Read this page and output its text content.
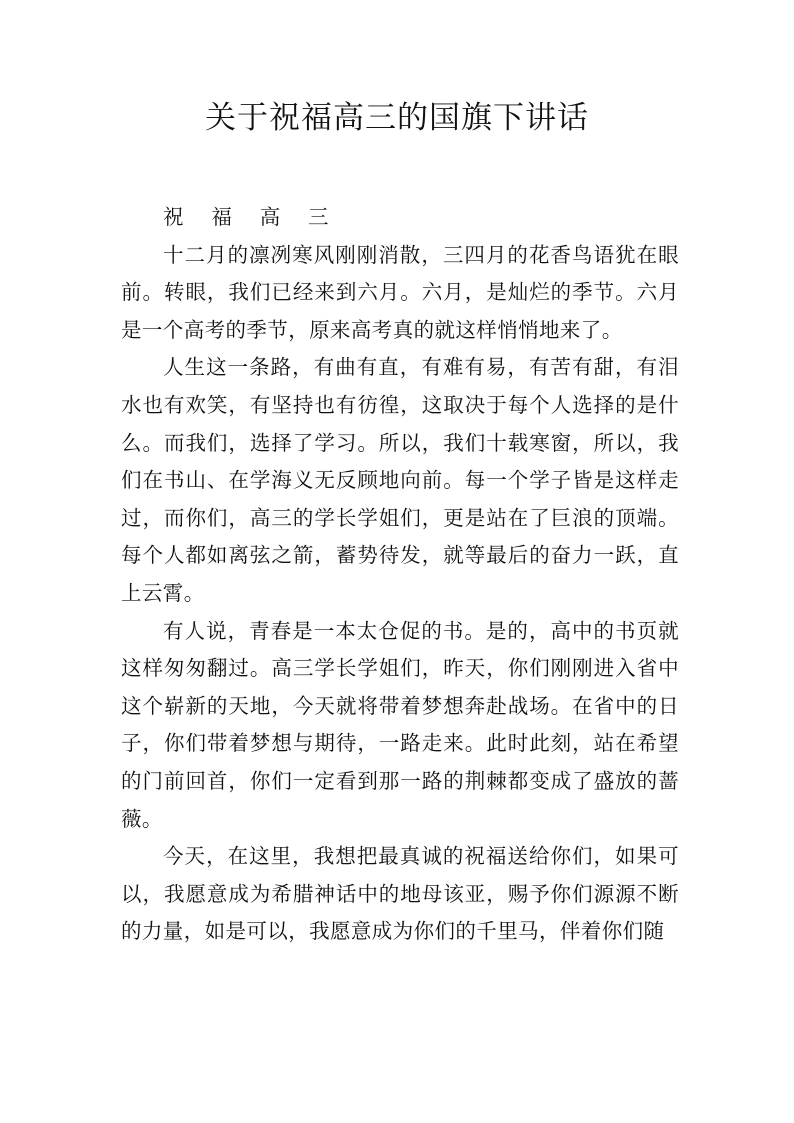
关于祝福高三的国旗下讲话

祝 福 高 三

十二月的凛冽寒风刚刚消散，三四月的花香鸟语犹在眼前。转眼，我们已经来到六月。六月，是灿烂的季节。六月是一个高考的季节，原来高考真的就这样悄悄地来了。

人生这一条路，有曲有直，有难有易，有苦有甜，有泪水也有欢笑，有坚持也有彷徨，这取决于每个人选择的是什么。而我们，选择了学习。所以，我们十载寒窗，所以，我们在书山、在学海义无反顾地向前。每一个学子皆是这样走过，而你们，高三的学长学姐们，更是站在了巨浪的顶端。每个人都如离弦之箭，蓄势待发，就等最后的奋力一跃，直上云霄。

有人说，青春是一本太仓促的书。是的，高中的书页就这样匆匆翻过。高三学长学姐们，昨天，你们刚刚进入省中这个崭新的天地，今天就将带着梦想奔赴战场。在省中的日子，你们带着梦想与期待，一路走来。此时此刻，站在希望的门前回首，你们一定看到那一路的荆棘都变成了盛放的蔷薇。

今天，在这里，我想把最真诚的祝福送给你们，如果可以，我愿意成为希腊神话中的地母该亚，赐予你们源源不断的力量，如是可以，我愿意成为你们的千里马，伴着你们随
